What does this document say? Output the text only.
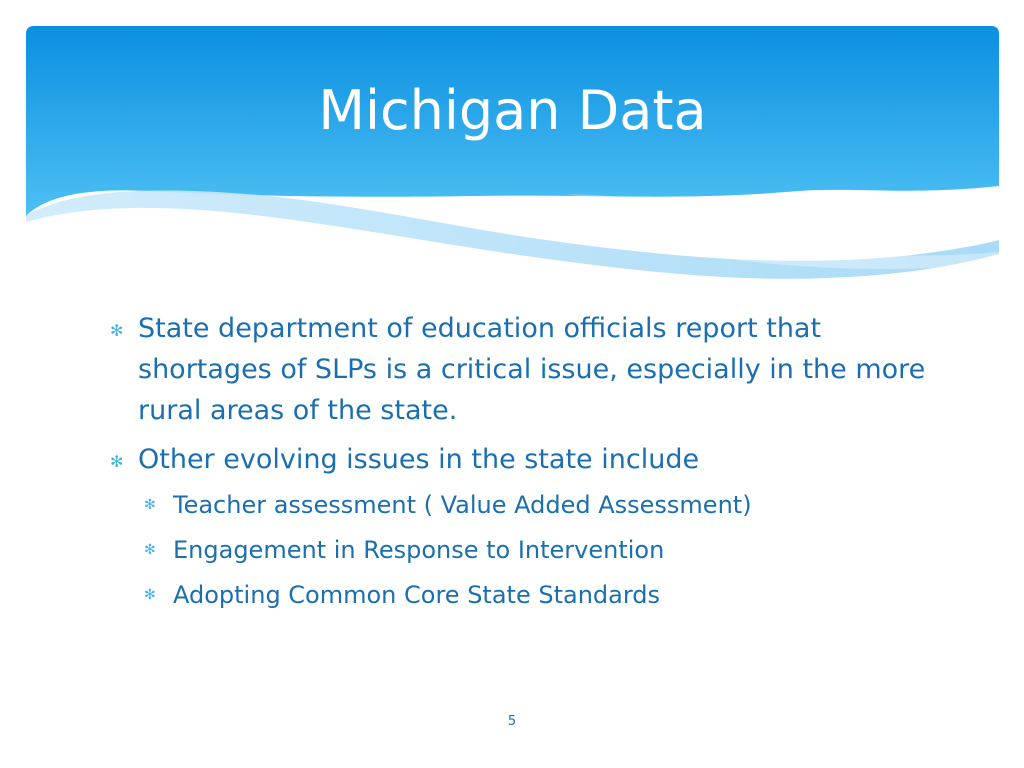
Michigan Data
✻ State department of education officials report that shortages of SLPs is a critical issue, especially in the more rural areas of the state.
✻ Other evolving issues in the state include
✻ Teacher assessment ( Value Added Assessment)
✻ Engagement in Response to Intervention
✻ Adopting Common Core State Standards
5
